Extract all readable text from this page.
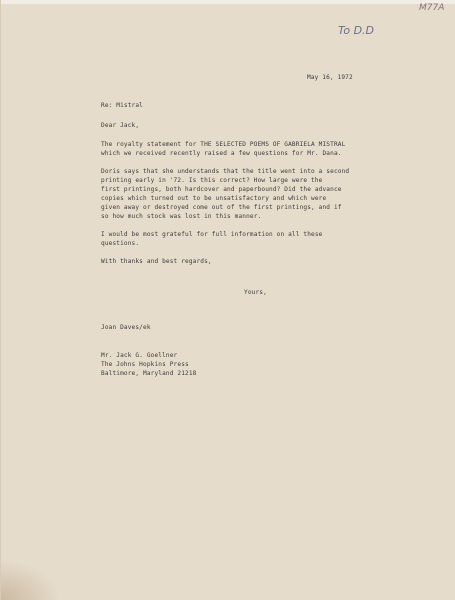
To D.D
M77A
May 16, 1972
Re: Mistral
Dear Jack,
The royalty statement for THE SELECTED POEMS OF GABRIELA MISTRAL
which we received recently raised a few questions for Mr. Dana.
Doris says that she understands that the title went into a second
printing early in '72. Is this correct? How large were the
first printings, both hardcover and paperbound? Did the advance
copies which turned out to be unsatisfactory and which were
given away or destroyed come out of the first printings, and if
so how much stock was lost in this manner.
I would be most grateful for full information on all these
questions.
With thanks and best regards,
Yours,
Joan Daves/ek
Mr. Jack G. Goellner
The Johns Hopkins Press
Baltimore, Maryland 21218
